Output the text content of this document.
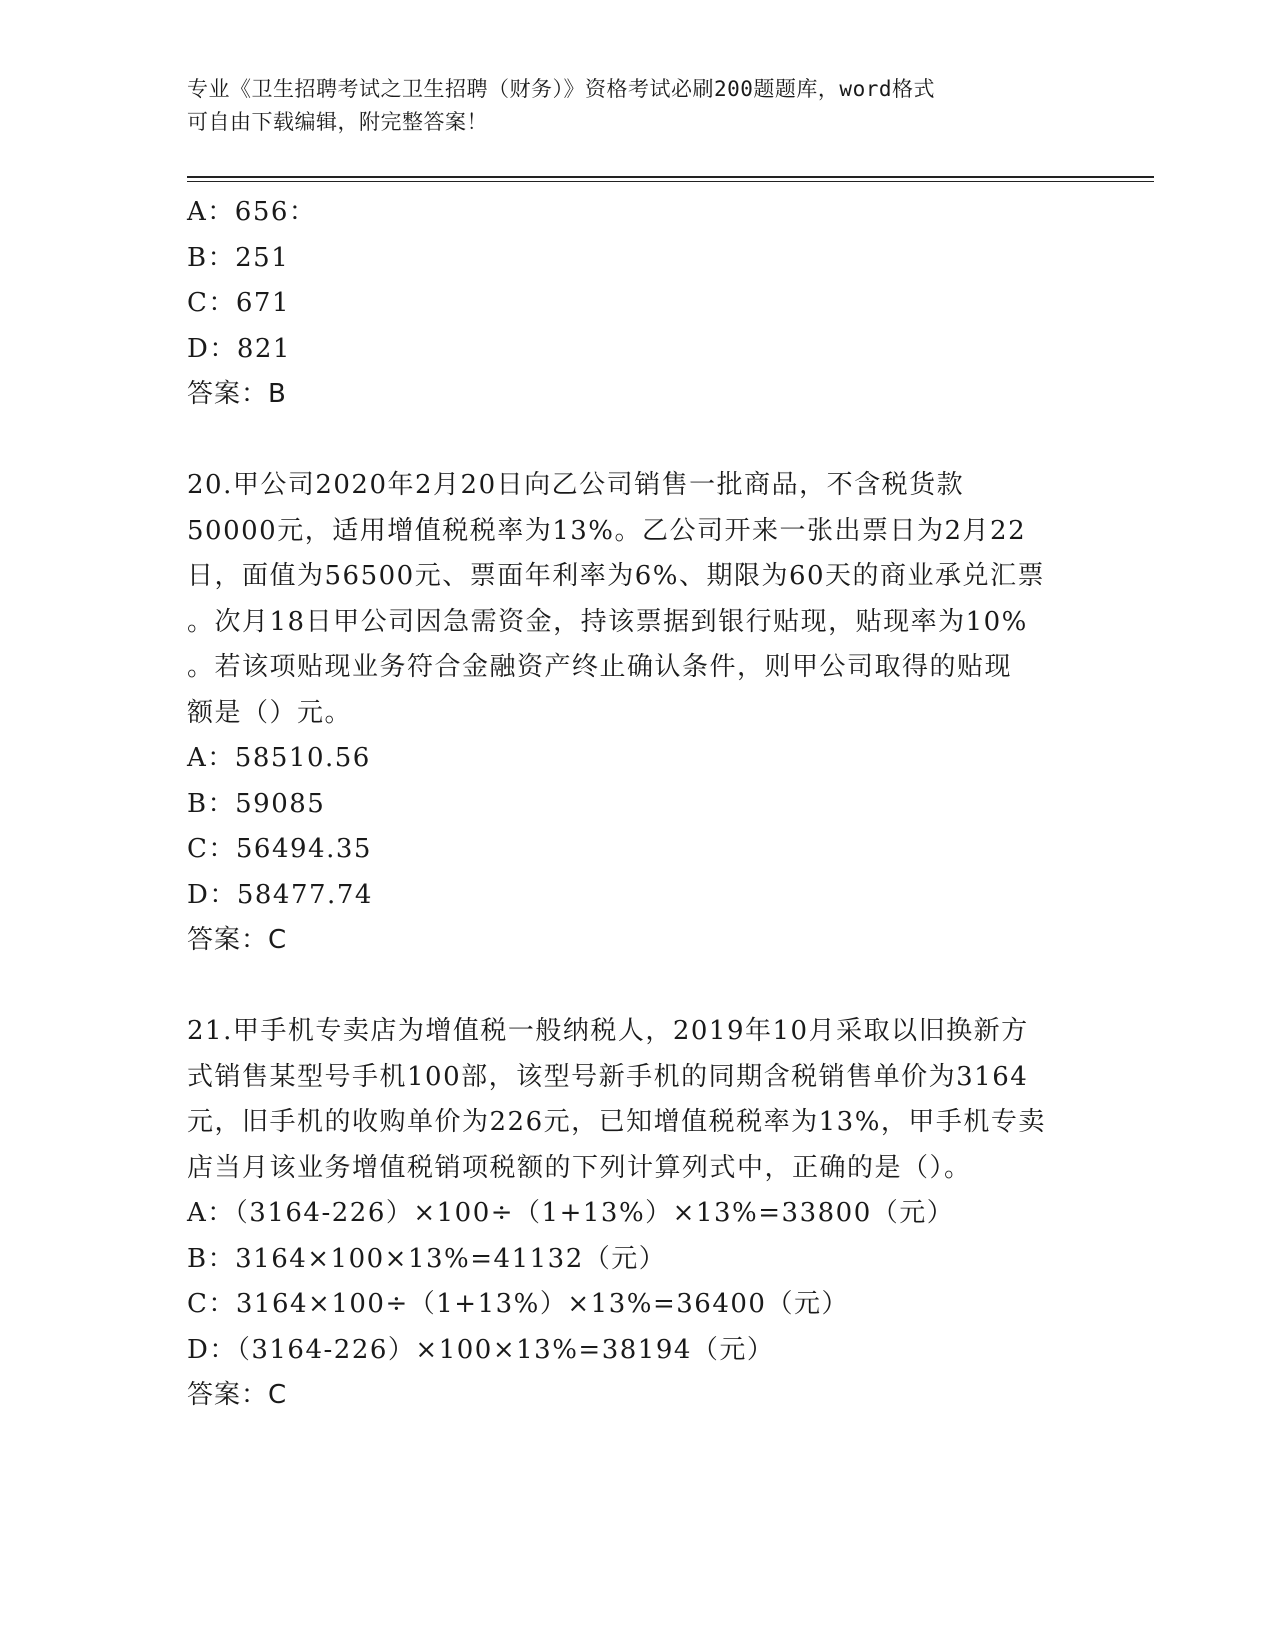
专业《卫生招聘考试之卫生招聘（财务）》资格考试必刷200题题库，word格式
可自由下载编辑，附完整答案！
A：656：
B：251
C：671
D：821
答案：B
20.甲公司2020年2月20日向乙公司销售一批商品，不含税货款
50000元，适用增值税税率为13%。乙公司开来一张出票日为2月22
日，面值为56500元、票面年利率为6%、期限为60天的商业承兑汇票
。次月18日甲公司因急需资金，持该票据到银行贴现，贴现率为10%
。若该项贴现业务符合金融资产终止确认条件，则甲公司取得的贴现
额是（）元。
A：58510.56
B：59085
C：56494.35
D：58477.74
答案：C
21.甲手机专卖店为增值税一般纳税人，2019年10月采取以旧换新方
式销售某型号手机100部，该型号新手机的同期含税销售单价为3164
元，旧手机的收购单价为226元，已知增值税税率为13%，甲手机专卖
店当月该业务增值税销项税额的下列计算列式中，正确的是（）。
A：（3164-226）×100÷（1+13%）×13%=33800（元）
B：3164×100×13%=41132（元）
C：3164×100÷（1+13%）×13%=36400（元）
D：（3164-226）×100×13%=38194（元）
答案：C
